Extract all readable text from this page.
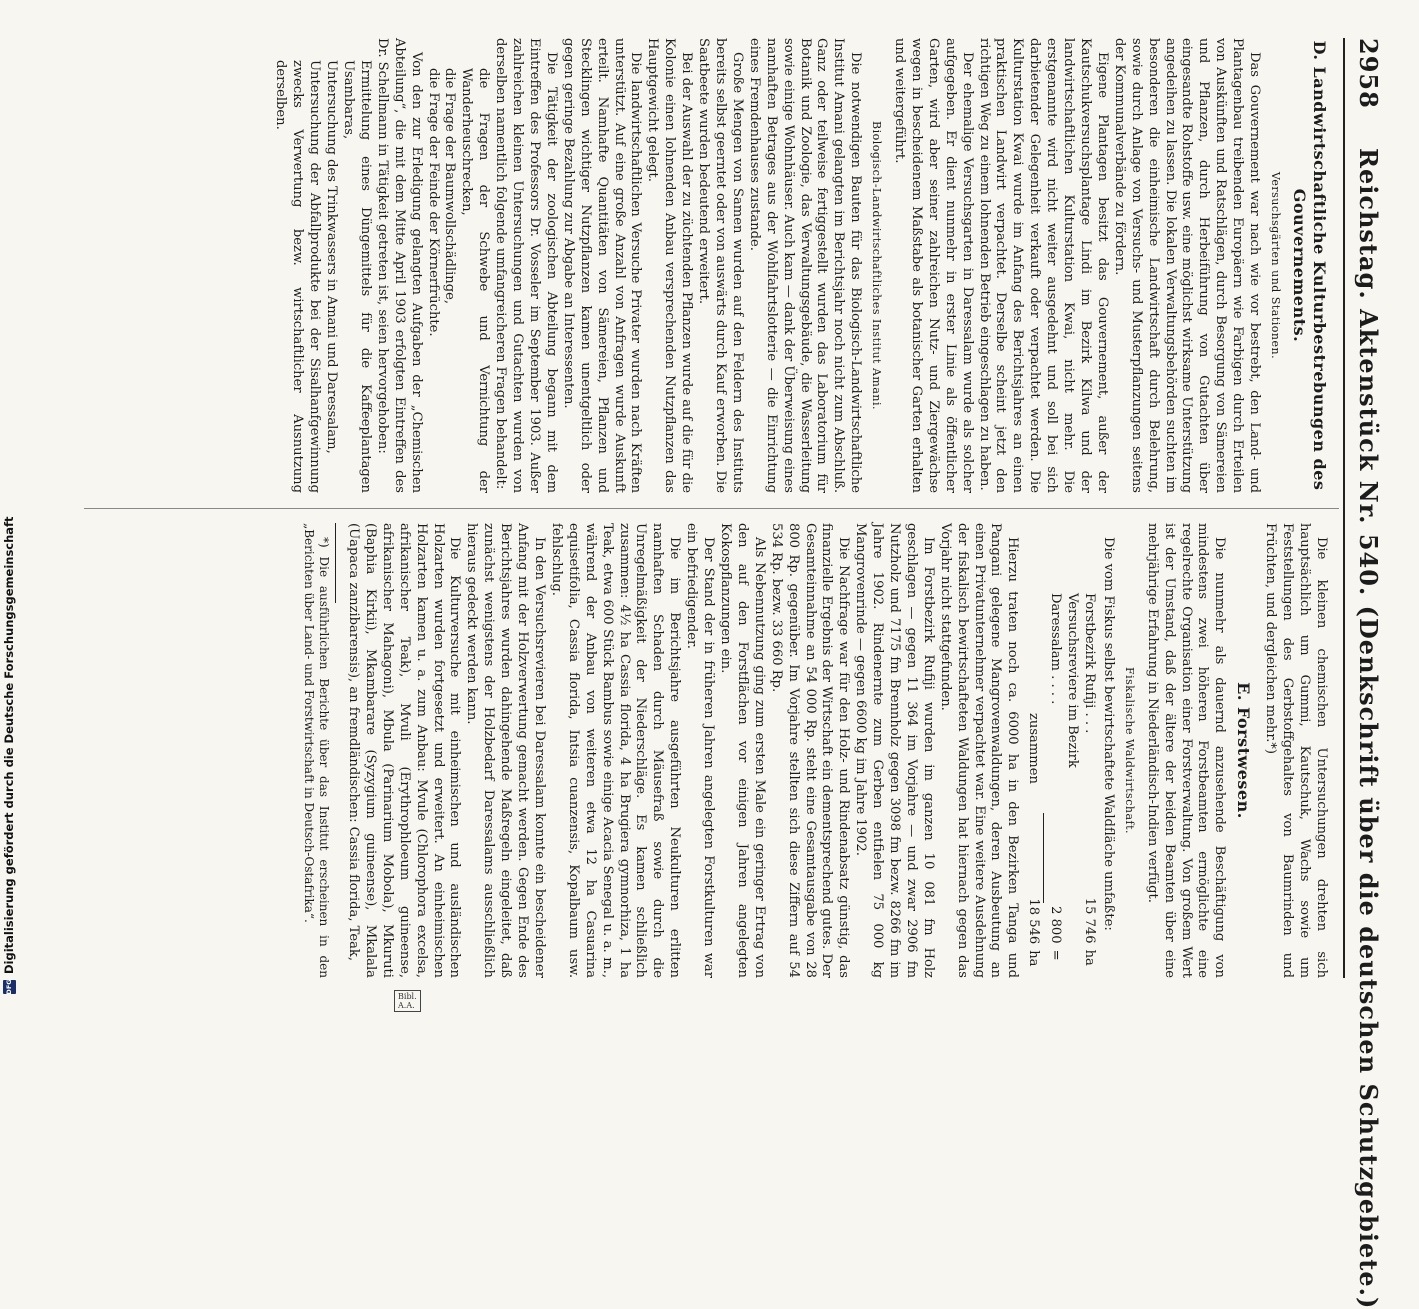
DFG
Digitalisierung gefördert durch die Deutsche Forschungsgemeinschaft
2958
Reichstag. Aktenstück Nr. 540. (Denkschrift über die deutschen Schutzgebiete.)

D. Landwirtschaftliche Kulturbestrebungen des Gouvernements.

Versuchsgärten und Stationen.

Das Gouvernement war nach wie vor bestrebt, den Land- und Plantagenbau treibenden Europäern wie Farbigen durch Erteilen von Auskünften und Ratschlägen, durch Besorgung von Sämereien und Pflanzen, durch Herbeiführung von Gutachten über eingesandte Rohstoffe usw. eine möglichst wirksame Unterstützung angedeihen zu lassen. Die lokalen Verwaltungsbehörden suchten im besonderen die einheimische Landwirtschaft durch Belehrung, sowie durch Anlage von Versuchs- und Musterpflanzungen seitens der Kommunalverbände zu fördern.

Eigene Plantagen besitzt das Gouvernement, außer der Kautschukversuchsplantage Lindi im Bezirk Kilwa und der landwirtschaftlichen Kulturstation Kwai, nicht mehr. Die erstgenannte wird nicht weiter ausgedehnt und soll bei sich darbietender Gelegenheit verkauft oder verpachtet werden. Die Kulturstation Kwai wurde im Anfang des Berichtsjahres an einen praktischen Landwirt verpachtet. Derselbe scheint jetzt den richtigen Weg zu einem lohnenden Betrieb eingeschlagen zu haben.

Der ehemalige Versuchsgarten in Daressalam wurde als solcher aufgegeben. Er dient nunmehr in erster Linie als öffentlicher Garten, wird aber seiner zahlreichen Nutz- und Ziergewächse wegen in bescheidenem Maßstabe als botanischer Garten erhalten und weitergeführt.

Biologisch-Landwirtschaftliches Institut Amani.

Die notwendigen Bauten für das Biologisch-Landwirtschaftliche Institut Amani gelangten im Berichtsjahr noch nicht zum Abschluß. Ganz oder teilweise fertiggestellt wurden das Laboratorium für Botanik und Zoologie, das Verwaltungsgebäude, die Wasserleitung sowie einige Wohnhäuser. Auch kam — dank der Überweisung eines namhaften Betrages aus der Wohlfahrtslotterie — die Einrichtung eines Fremdenhauses zustande.

Große Mengen von Samen wurden auf den Feldern des Instituts bereits selbst geerntet oder von auswärts durch Kauf erworben. Die Saatbeete wurden bedeutend erweitert.

Bei der Auswahl der zu züchtenden Pflanzen wurde auf die für die Kolonie einen lohnenden Anbau versprechenden Nutzpflanzen das Hauptgewicht gelegt.

Die landwirtschaftlichen Versuche Privater wurden nach Kräften unterstützt. Auf eine große Anzahl von Anfragen wurde Auskunft erteilt. Namhafte Quantitäten von Sämereien, Pflanzen und Stecklingen wichtiger Nutzpflanzen kamen unentgeltlich oder gegen geringe Bezahlung zur Abgabe an Interessenten.

Die Tätigkeit der zoologischen Abteilung begann mit dem Eintreffen des Professors Dr. Vosseler im September 1903. Außer zahlreichen kleinen Untersuchungen und Gutachten wurden von derselben namentlich folgende umfangreicheren Fragen behandelt:

die Fragen der Schwebe und Vernichtung der Wanderheuschrecken,

die Frage der Baumwollschädlinge,

die Frage der Feinde der Körnerfrüchte.

Von den zur Erledigung gelangten Aufgaben der „Chemischen Abteilung“, die mit dem Mitte April 1903 erfolgten Eintreffen des Dr. Schellmann in Tätigkeit getreten ist, seien hervorgehoben:

Ermittelung eines Düngemittels für die Kaffeeplantagen Usambaras,

Untersuchung des Trinkwassers in Amani und Daressalam,

Untersuchung der Abfallprodukte bei der Sisalhanfgewinnung zwecks Verwertung bezw. wirtschaftlicher Ausnutzung derselben.

Die kleinen chemischen Untersuchungen drehten sich hauptsächlich um Gummi, Kautschuk, Wachs sowie um Feststellungen des Gerbstoffgehaltes von Baumrinden und Früchten, und dergleichen mehr.*)

E. Forstwesen.

Die nunmehr als dauernd anzusehende Beschäftigung von mindestens zwei höheren Forstbeamten ermöglichte eine regelrechte Organisation einer Forstverwaltung. Von großem Wert ist der Umstand, daß der ältere der beiden Beamten über eine mehrjährige Erfahrung in Niederländisch-Indien verfügt.

Fiskalische Waldwirtschaft.

Die vom Fiskus selbst bewirtschaftete Waldfläche umfaßte:

Forstbezirk Rufiji . . .
15 746
ha
Versuchsreviere im Bezirk
Daressalam . . . .
2 800
=
zusammen
18 546
ha

Hierzu traten noch ca. 6000 ha in den Bezirken Tanga und Pangani gelegene Mangrovenwaldungen, deren Ausbeutung an einen Privatunternehmer verpachtet war. Eine weitere Ausdehnung der fiskalisch bewirtschafteten Waldungen hat hiernach gegen das Vorjahr nicht stattgefunden.

Im Forstbezirk Rufiji wurden im ganzen 10 081 fm Holz geschlagen — gegen 11 364 im Vorjahre — und zwar 2906 fm Nutzholz und 7175 fm Brennholz gegen 3098 fm bezw. 8266 fm im Jahre 1902. Rindenernte zum Gerben entfielen 75 000 kg Mangrovenrinde — gegen 6600 kg im Jahre 1902.

Die Nachfrage war für den Holz- und Rindenabsatz günstig, das finanzielle Ergebnis der Wirtschaft ein dementsprechend gutes. Der Gesamteinnahme an 54 000 Rp. steht eine Gesamtausgabe von 28 800 Rp. gegenüber. Im Vorjahre stellten sich diese Ziffern auf 54 534 Rp. bezw. 33 660 Rp.

Als Nebennutzung ging zum ersten Male ein geringer Ertrag von den auf den Forstflächen vor einigen Jahren angelegten Kokospflanzungen ein.

Der Stand der in früheren Jahren angelegten Forstkulturen war ein befriedigender.

Die im Berichtsjahre ausgeführten Neukulturen erlitten namhaften Schaden durch Mäusefraß sowie durch die Unregelmäßigkeit der Niederschläge. Es kamen schließlich zusammen: 4½ ha Cassia florida, 4 ha Brugiera gymnorhiza, 1 ha Teak, etwa 600 Stück Bambus sowie einige Acacia Senegal u. a. m., während der Anbau von weiteren etwa 12 ha Casuarina equisetifolia, Cassia florida, Intsia cuanzensis, Kopalbaum usw. fehlschlug.

In den Versuchsrevieren bei Daressalam konnte ein bescheidener Anfang mit der Holzverwertung gemacht werden. Gegen Ende des Berichtsjahres wurden dahingehende Maßregeln eingeleitet, daß zunächst wenigstens der Holzbedarf Daressalams ausschließlich hieraus gedeckt werden kann.

Die Kulturversuche mit einheimischen und ausländischen Holzarten wurden fortgesetzt und erweitert. An einheimischen Holzarten kamen u. a. zum Anbau: Mvule (Chlorophora excelsa, afrikanischer Teak), Mvuli (Erythrophloeum guineense, afrikanischer Mahagoni), Mbula (Parinarium Mobola), Mkuruti (Baphia Kirkii), Mkambarare (Syzygium guineense), Mkalala (Uapaca zanzibarensis), an fremdländischen: Cassia florida, Teak,

*) Die ausführlichen Berichte über das Institut erscheinen in den „Berichten über Land- und Forstwirtschaft in Deutsch-Ostafrika“.

Bibl.
A.A.
